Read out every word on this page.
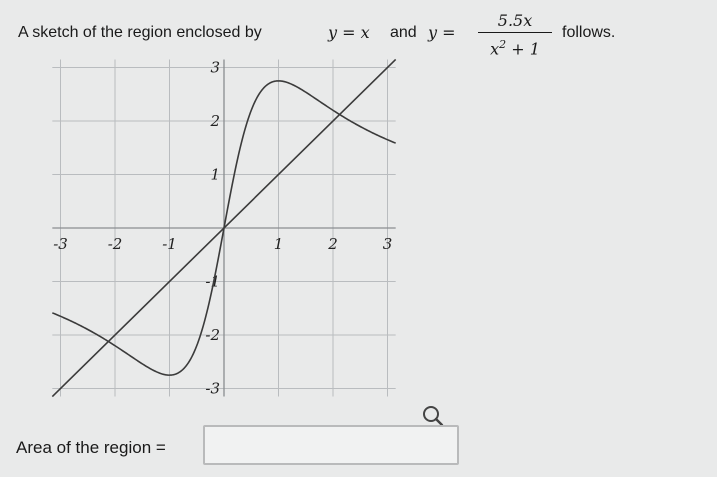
A sketch of the region enclosed by	y = x and y =
5.5x
$x^2 + 1$
follows.
-3	-2	-1	1	2	3
3
2
1
-1
-2
-3
Area of the region =
